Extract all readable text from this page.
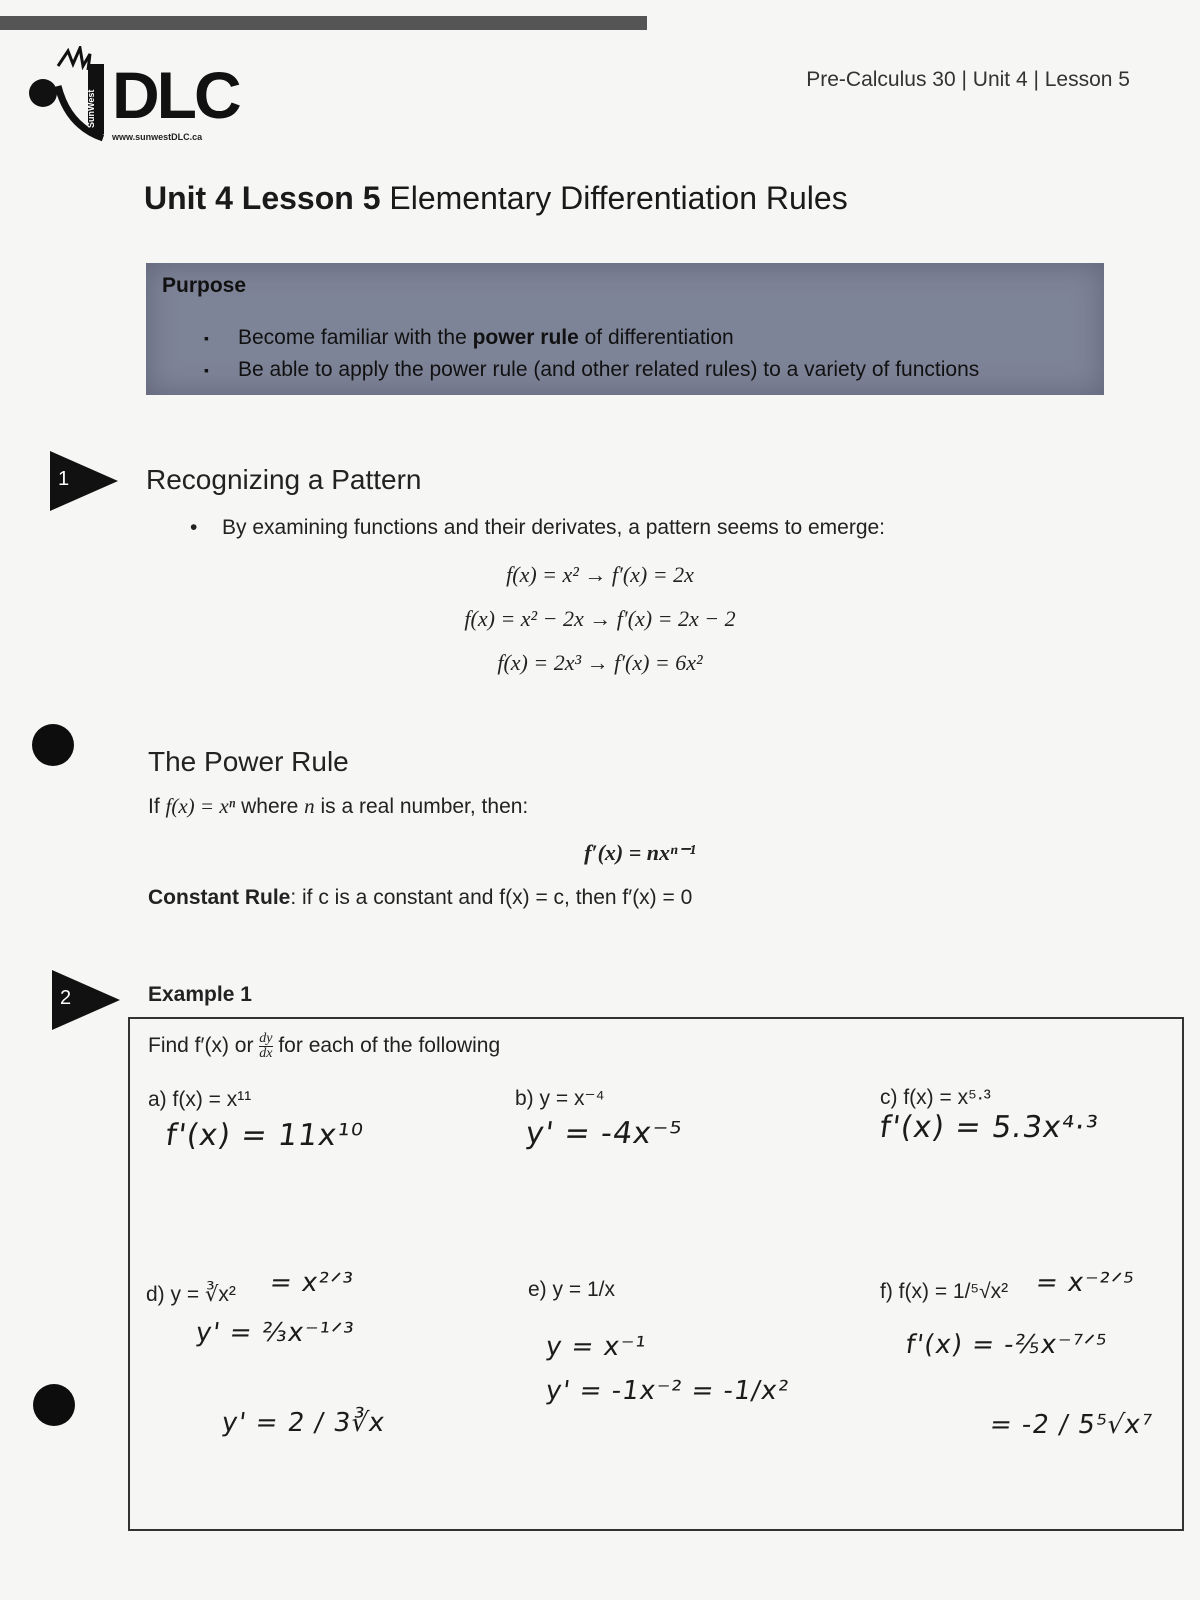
SunWest DLC
www.sunwestDLC.ca
Pre-Calculus 30 | Unit 4 | Lesson 5
Unit 4 Lesson 5 Elementary Differentiation Rules
Purpose
▪ Become familiar with the power rule of differentiation
▪ Be able to apply the power rule (and other related rules) to a variety of functions
1	Recognizing a Pattern
• By examining functions and their derivates, a pattern seems to emerge:
f(x) = x² → f′(x) = 2x
f(x) = x² − 2x → f′(x) = 2x − 2
f(x) = 2x³ → f′(x) = 6x²
The Power Rule
If f(x) = xⁿ where n is a real number, then:
f′(x) = nxⁿ⁻¹
Constant Rule: if c is a constant and f(x) = c, then f′(x) = 0
2	Example 1
Find f′(x) or $\frac{dy}{dx}$ for each of the following
a) f(x) = x¹¹
f'(x) = 11x¹⁰
b) y = x⁻⁴
y' = -4x⁻⁵
c) f(x) = x⁵·³
f'(x) = 5.3x⁴·³
d) y = ∛x² = x²ᐟ³
y' = ⅔x⁻¹ᐟ³
y' = 2 / 3∛x
e) y = 1/x
y = x⁻¹
y' = -1x⁻² = -1/x²
f) f(x) = 1/⁵√x² = x⁻²ᐟ⁵
f'(x) = -⅖x⁻⁷ᐟ⁵
= -2 / 5⁵√x⁷
